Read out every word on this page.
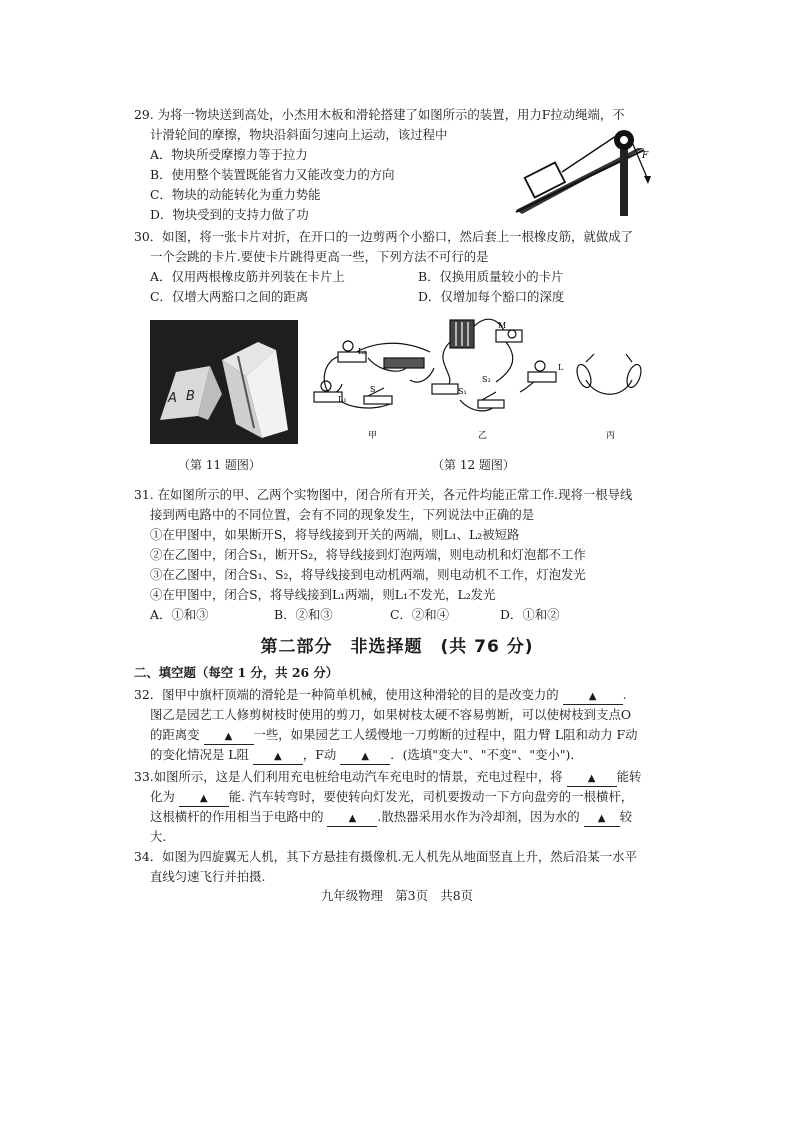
29. 为将一物块送到高处，小杰用木板和滑轮搭建了如图所示的装置，用力F拉动绳端，不
计滑轮间的摩擦，物块沿斜面匀速向上运动，该过程中
A．物块所受摩擦力等于拉力
B．使用整个装置既能省力又能改变力的方向
C．物块的动能转化为重力势能
D．物块受到的支持力做了功
F
30．如图，将一张卡片对折，在开口的一边剪两个小豁口，然后套上一根橡皮筋，就做成了
一个会跳的卡片.要使卡片跳得更高一些，下列方法不可行的是
A．仅用两根橡皮筋并列装在卡片上	B．仅换用质量较小的卡片
C．仅增大两豁口之间的距离	D．仅增加每个豁口的深度
A B
（第 11 题图）
L₂
L₁
S
甲
M
S₁
S₂
L
乙	丙
（第 12 题图）
31. 在如图所示的甲、乙两个实物图中，闭合所有开关，各元件均能正常工作.现将一根导线
接到两电路中的不同位置，会有不同的现象发生，下列说法中正确的是
①在甲图中，如果断开S，将导线接到开关的两端，则L₁、L₂被短路
②在乙图中，闭合S₁，断开S₂，将导线接到灯泡两端，则电动机和灯泡都不工作
③在乙图中，闭合S₁、S₂，将导线接到电动机两端，则电动机不工作，灯泡发光
④在甲图中，闭合S，将导线接到L₁两端，则L₁不发光，L₂发光
A．①和③	B．②和③	C．②和④	D．①和②
第二部分　非选择题　(共 76 分)
二、填空题（每空 1 分，共 26 分）
32．图甲中旗杆顶端的滑轮是一种简单机械，使用这种滑轮的目的是改变力的	▲ .
图乙是园艺工人修剪树枝时使用的剪刀，如果树枝太硬不容易剪断，可以使树枝到支点O
的距离变	▲ 一些，如果园艺工人缓慢地一刀剪断的过程中，阻力臂 L阻和动力 F动
的变化情况是 L阻	▲ ，F动	▲ ．(选填"变大"、"不变"、"变小")．
33.如图所示，这是人们利用充电桩给电动汽车充电时的情景，充电过程中，将	▲ 能转
化为	▲ 能. 汽车转弯时，要使转向灯发光，司机要拨动一下方向盘旁的一根横杆，
这根横杆的作用相当于电路中的	▲ .散热器采用水作为冷却剂，因为水的 ▲ 较
大.
34．如图为四旋翼无人机，其下方悬挂有摄像机.无人机先从地面竖直上升，然后沿某一水平
直线匀速飞行并拍摄.
九年级物理　第3页　共8页
